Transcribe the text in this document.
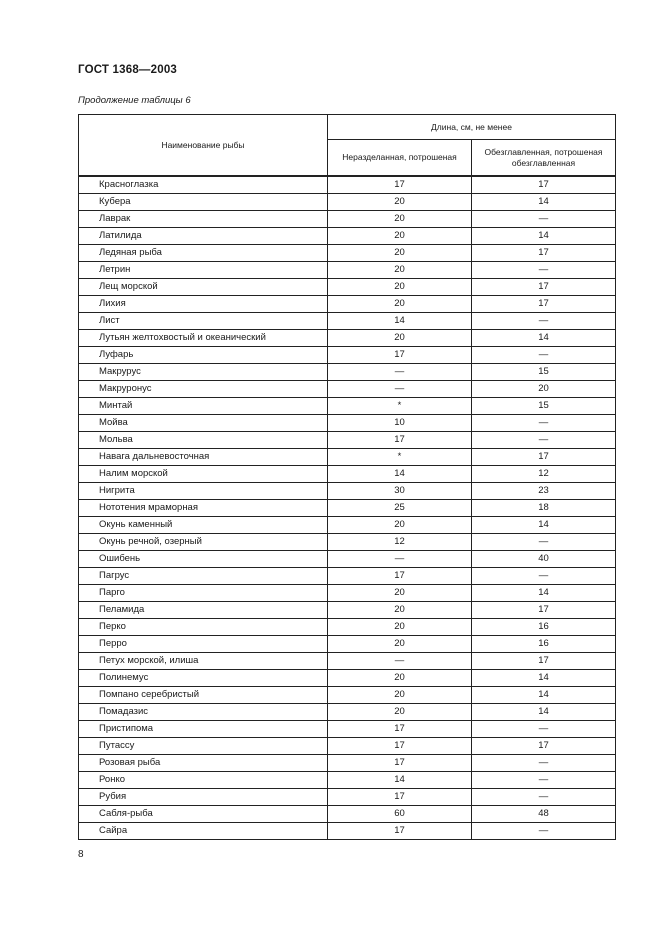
ГОСТ 1368—2003
Продолжение таблицы 6
Наименование рыбы	Длина, см, не менее	
	Неразделанная, потрошеная	Обезглавленная, потрошеная обезглавленная
Красноглазка	17	17
Кубера	20	14
Лаврак	20	—
Латилида	20	14
Ледяная рыба	20	17
Летрин	20	—
Лещ морской	20	17
Лихия	20	17
Лист	14	—
Лутьян желтохвостый и океанический	20	14
Луфарь	17	—
Макрурус	—	15
Макруронус	—	20
Минтай	*	15
Мойва	10	—
Мольва	17	—
Навага дальневосточная	*	17
Налим морской	14	12
Нигрита	30	23
Нототения мраморная	25	18
Окунь каменный	20	14
Окунь речной, озерный	12	—
Ошибень	—	40
Пагрус	17	—
Парго	20	14
Пеламида	20	17
Перко	20	16
Перро	20	16
Петух морской, илиша	—	17
Полинемус	20	14
Помпано серебристый	20	14
Помадазис	20	14
Пристипома	17	—
Путассу	17	17
Розовая рыба	17	—
Ронко	14	—
Рубия	17	—
Сабля-рыба	60	48
Сайра	17	—
8
